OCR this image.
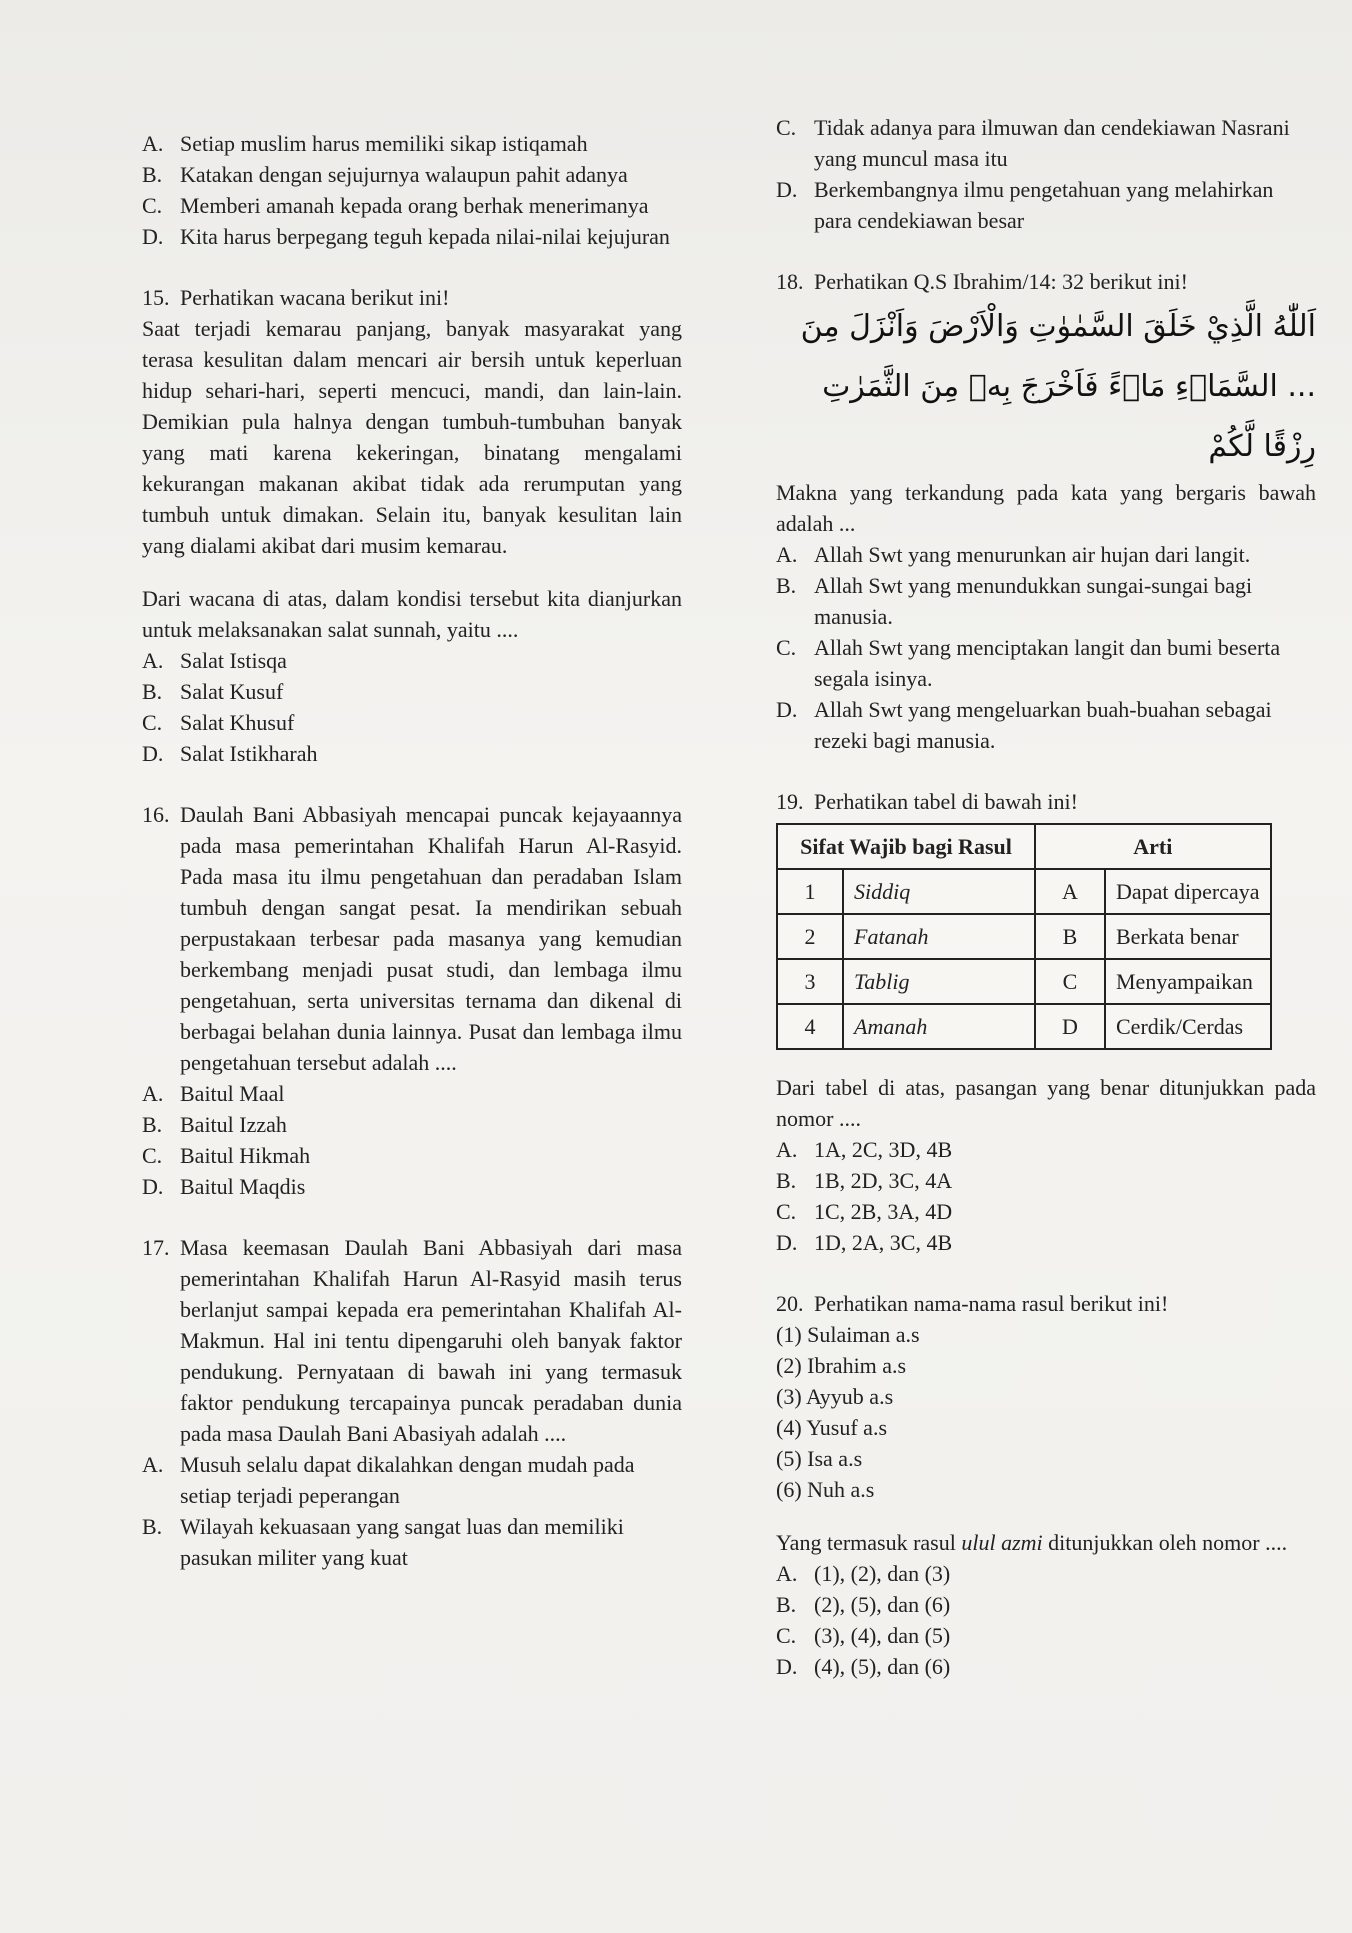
A. Setiap muslim harus memiliki sikap istiqamah
B. Katakan dengan sejujurnya walaupun pahit adanya
C. Memberi amanah kepada orang berhak menerimanya
D. Kita harus berpegang teguh kepada nilai-nilai kejujuran
15. Perhatikan wacana berikut ini!
Saat terjadi kemarau panjang, banyak masyarakat yang terasa kesulitan dalam mencari air bersih untuk keperluan hidup sehari-hari, seperti mencuci, mandi, dan lain-lain. Demikian pula halnya dengan tumbuh-tumbuhan banyak yang mati karena kekeringan, binatang mengalami kekurangan makanan akibat tidak ada rerumputan yang tumbuh untuk dimakan. Selain itu, banyak kesulitan lain yang dialami akibat dari musim kemarau.
Dari wacana di atas, dalam kondisi tersebut kita dianjurkan untuk melaksanakan salat sunnah, yaitu ....
A. Salat Istisqa
B. Salat Kusuf
C. Salat Khusuf
D. Salat Istikharah
16. Daulah Bani Abbasiyah mencapai puncak kejayaannya pada masa pemerintahan Khalifah Harun Al-Rasyid. Pada masa itu ilmu pengetahuan dan peradaban Islam tumbuh dengan sangat pesat. Ia mendirikan sebuah perpustakaan terbesar pada masanya yang kemudian berkembang menjadi pusat studi, dan lembaga ilmu pengetahuan, serta universitas ternama dan dikenal di berbagai belahan dunia lainnya. Pusat dan lembaga ilmu pengetahuan tersebut adalah ....
A. Baitul Maal
B. Baitul Izzah
C. Baitul Hikmah
D. Baitul Maqdis
17. Masa keemasan Daulah Bani Abbasiyah dari masa pemerintahan Khalifah Harun Al-Rasyid masih terus berlanjut sampai kepada era pemerintahan Khalifah Al-Makmun. Hal ini tentu dipengaruhi oleh banyak faktor pendukung. Pernyataan di bawah ini yang termasuk faktor pendukung tercapainya puncak peradaban dunia pada masa Daulah Bani Abasiyah adalah ....
A. Musuh selalu dapat dikalahkan dengan mudah pada setiap terjadi peperangan
B. Wilayah kekuasaan yang sangat luas dan memiliki pasukan militer yang kuat
C. Tidak adanya para ilmuwan dan cendekiawan Nasrani yang muncul masa itu
D. Berkembangnya ilmu pengetahuan yang melahirkan para cendekiawan besar
18. Perhatikan Q.S Ibrahim/14: 32 berikut ini!
اَللّٰهُ الَّذِيْ خَلَقَ السَّمٰوٰتِ وَالْاَرْضَ وَاَنْزَلَ مِنَ
... السَّمَاۤءِ مَاۤءً فَاَخْرَجَ بِهٖ مِنَ الثَّمَرٰتِ رِزْقًا لَّكُمْ
Makna yang terkandung pada kata yang bergaris bawah adalah ...
A. Allah Swt yang menurunkan air hujan dari langit.
B. Allah Swt yang menundukkan sungai-sungai bagi manusia.
C. Allah Swt yang menciptakan langit dan bumi beserta segala isinya.
D. Allah Swt yang mengeluarkan buah-buahan sebagai rezeki bagi manusia.
19. Perhatikan tabel di bawah ini!
Sifat Wajib bagi Rasul		Arti	
1	Siddiq	A	Dapat dipercaya
2	Fatanah	B	Berkata benar
3	Tablig	C	Menyampaikan
4	Amanah	D	Cerdik/Cerdas
Dari tabel di atas, pasangan yang benar ditunjukkan pada nomor ....
A. 1A, 2C, 3D, 4B
B. 1B, 2D, 3C, 4A
C. 1C, 2B, 3A, 4D
D. 1D, 2A, 3C, 4B
20. Perhatikan nama-nama rasul berikut ini!
(1) Sulaiman a.s
(2) Ibrahim a.s
(3) Ayyub a.s
(4) Yusuf a.s
(5) Isa a.s
(6) Nuh a.s
Yang termasuk rasul ulul azmi ditunjukkan oleh nomor ....
A. (1), (2), dan (3)
B. (2), (5), dan (6)
C. (3), (4), dan (5)
D. (4), (5), dan (6)
